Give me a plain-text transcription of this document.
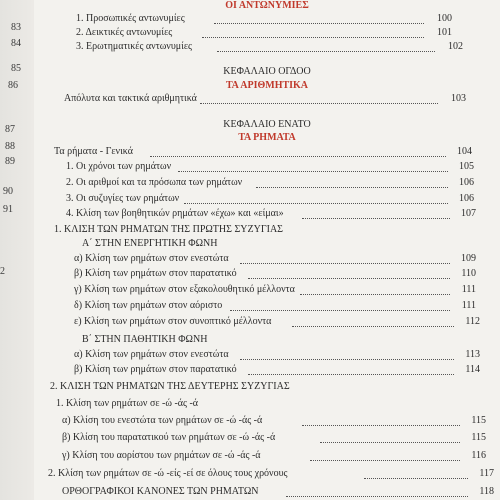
83
84
85
86
87
88
89
90
91
2
ΟΙ ΑΝΤΩΝΥΜΙΕΣ
1. Προσωπικές αντωνυμίες	100
2. Δεικτικές αντωνυμίες	101
3. Ερωτηματικές αντωνυμίες	102
ΚΕΦΑΛΑΙΟ ΟΓΔΟΟ
ΤΑ ΑΡΙΘΜΗΤΙΚΑ
Απόλυτα και τακτικά αριθμητικά	103
ΚΕΦΑΛΑΙΟ ΕΝΑΤΟ
ΤΑ ΡΗΜΑΤΑ
Τα ρήματα - Γενικά	104
1. Οι χρόνοι των ρημάτων	105
2. Οι αριθμοί και τα πρόσωπα των ρημάτων	106
3. Οι συζυγίες των ρημάτων	106
4. Κλίση των βοηθητικών ρημάτων «έχω» και «είμαι»	107
1. ΚΛΙΣΗ ΤΩΝ ΡΗΜΑΤΩΝ ΤΗΣ ΠΡΩΤΗΣ ΣΥΖΥΓΙΑΣ
Α΄ ΣΤΗΝ ΕΝΕΡΓΗΤΙΚΗ ΦΩΝΗ
α) Κλίση των ρημάτων στον ενεστώτα	109
β) Κλίση των ρημάτων στον παρατατικό	110
γ) Κλίση των ρημάτων στον εξακολουθητικό μέλλοντα	111
δ) Κλίση των ρημάτων στον αόριστο	111
ε) Κλίση των ρημάτων στον συνοπτικό μέλλοντα	112
Β΄ ΣΤΗΝ ΠΑΘΗΤΙΚΗ ΦΩΝΗ
α) Κλίση των ρημάτων στον ενεστώτα	113
β) Κλίση των ρημάτων στον παρατατικό	114
2. ΚΛΙΣΗ ΤΩΝ ΡΗΜΑΤΩΝ ΤΗΣ ΔΕΥΤΕΡΗΣ ΣΥΖΥΓΙΑΣ
1. Κλίση των ρημάτων σε -ώ -άς -ά
α) Κλίση του ενεστώτα των ρημάτων σε -ώ -άς -ά	115
β) Κλίση του παρατατικού των ρημάτων σε -ώ -άς -ά	115
γ) Κλίση του αορίστου των ρημάτων σε -ώ -άς -ά	116
2. Κλίση των ρημάτων σε -ώ -είς -εί σε όλους τους χρόνους	117
ΟΡΘΟΓΡΑΦΙΚΟΙ ΚΑΝΟΝΕΣ ΤΩΝ ΡΗΜΑΤΩΝ	118
